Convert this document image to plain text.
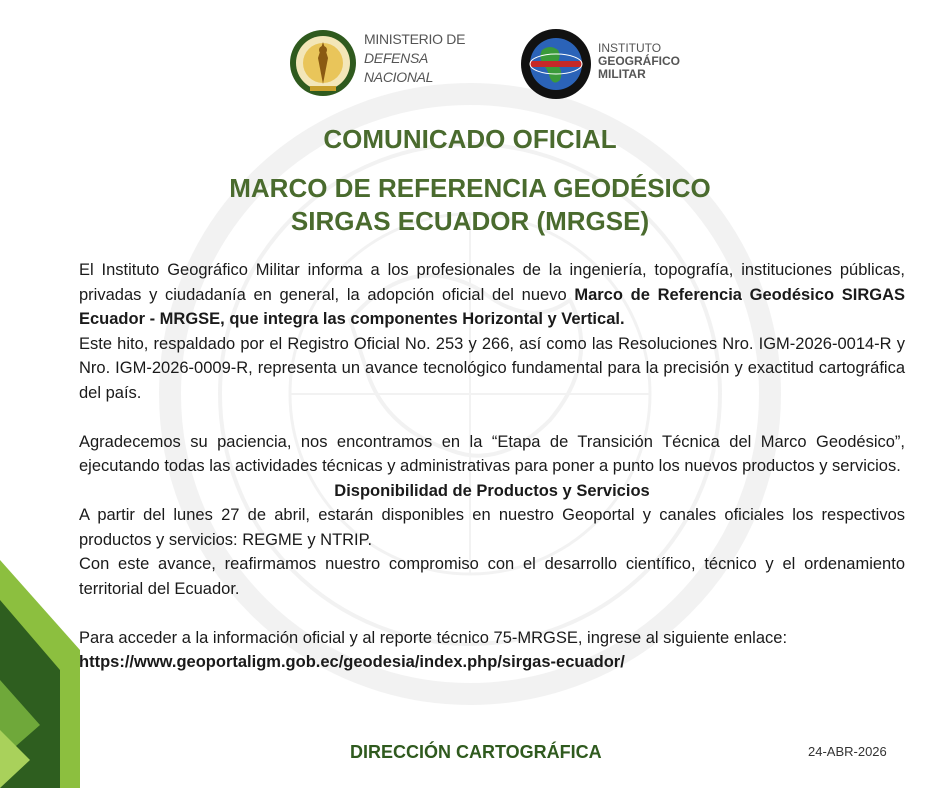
MINISTERIO DE
DEFENSA
NACIONAL
INSTITUTO
GEOGRÁFICO
MILITAR
COMUNICADO OFICIAL
MARCO DE REFERENCIA GEODÉSICO
SIRGAS ECUADOR (MRGSE)

El Instituto Geográfico Militar informa a los profesionales de la ingeniería, topografía, instituciones públicas, privadas y ciudadanía en general, la adopción oficial del nuevo Marco de Referencia Geodésico SIRGAS Ecuador - MRGSE, que integra las componentes Horizontal y Vertical.

Este hito, respaldado por el Registro Oficial No. 253 y 266, así como las Resoluciones Nro. IGM-2026-0014-R y Nro. IGM-2026-0009-R, representa un avance tecnológico fundamental para la precisión y exactitud cartográfica del país.

Agradecemos su paciencia, nos encontramos en la “Etapa de Transición Técnica del Marco Geodésico”, ejecutando todas las actividades técnicas y administrativas para poner a punto los nuevos productos y servicios.

Disponibilidad de Productos y Servicios

A partir del lunes 27 de abril, estarán disponibles en nuestro Geoportal y canales oficiales los respectivos productos y servicios: REGME y NTRIP.

Con este avance, reafirmamos nuestro compromiso con el desarrollo científico, técnico y el ordenamiento territorial del Ecuador.

Para acceder a la información oficial y al reporte técnico 75-MRGSE, ingrese al siguiente enlace:

https://www.geoportaligm.gob.ec/geodesia/index.php/sirgas-ecuador/

DIRECCIÓN CARTOGRÁFICA	24-ABR-2026
